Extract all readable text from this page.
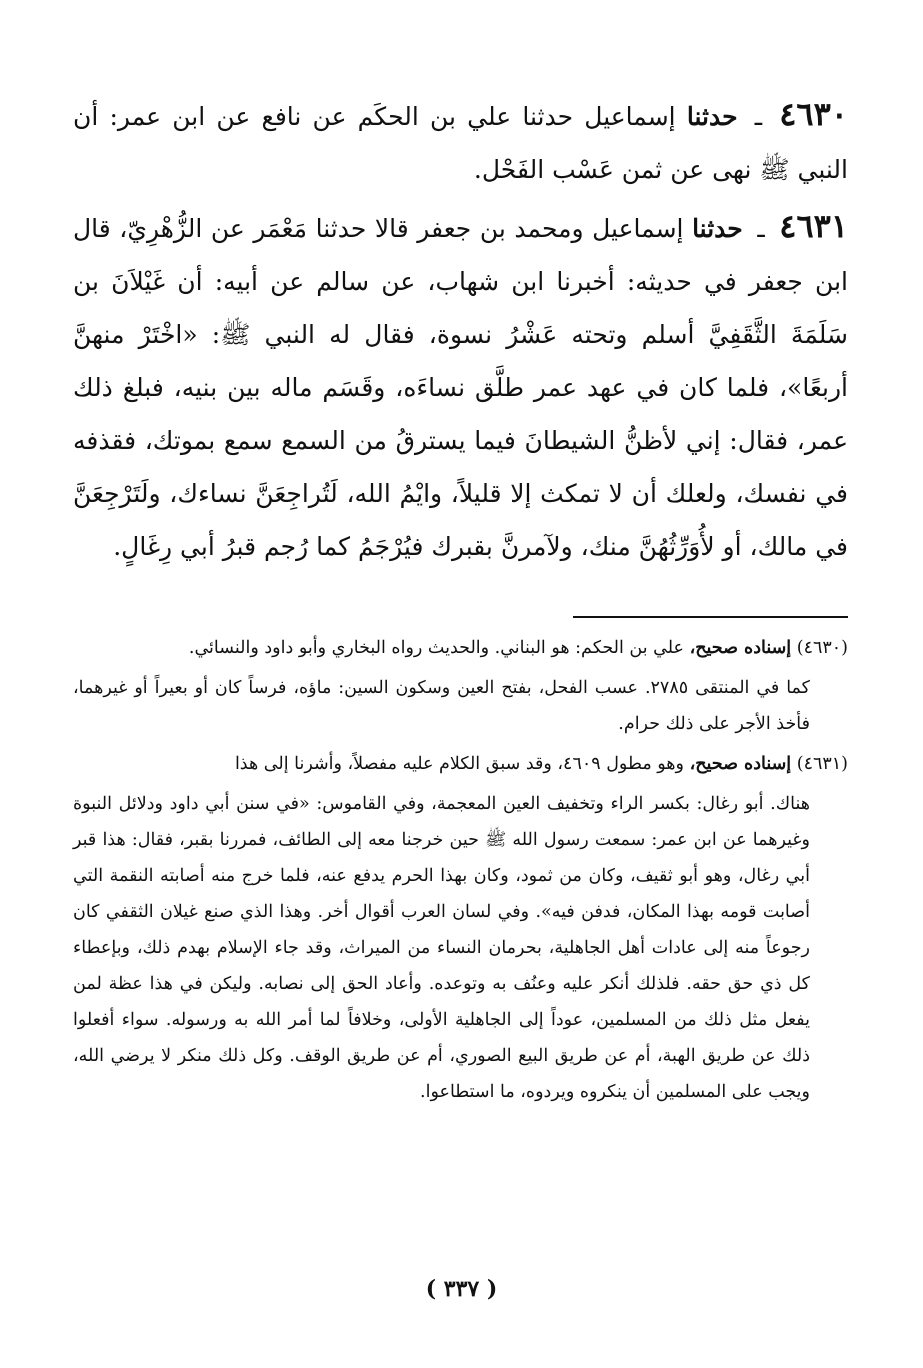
٤٦٣٠ ـ حدثنا إسماعيل حدثنا علي بن الحكَم عن نافع عن ابن عمر: أن النبي ﷺ نهى عن ثمن عَسْب الفَحْل.

٤٦٣١ ـ حدثنا إسماعيل ومحمد بن جعفر قالا حدثنا مَعْمَر عن الزُّهْرِيّ، قال ابن جعفر في حديثه: أخبرنا ابن شهاب، عن سالم عن أبيه: أن غَيْلاَنَ بن سَلَمَةَ الثَّقَفِيَّ أسلم وتحته عَشْرُ نسوة، فقال له النبي ﷺ: «اخْتَرْ منهنَّ أربعًا»، فلما كان في عهد عمر طلَّق نساءَه، وقَسَم ماله بين بنيه، فبلغ ذلك عمر، فقال: إني لأظنُّ الشيطانَ فيما يسترقُ من السمع سمع بموتك، فقذفه في نفسك، ولعلك أن لا تمكث إلا قليلاً، وايْمُ الله، لَتُراجِعَنَّ نساءك، ولَتَرْجِعَنَّ في مالك، أو لأُوَرِّثُهُنَّ منك، ولآمرنَّ بقبرك فيُرْجَمُ كما رُجم قبرُ أبي رِغَالٍ.

(٤٦٣٠) إسناده صحيح، علي بن الحكم: هو البناني. والحديث رواه البخاري وأبو داود والنسائي.

كما في المنتقى ٢٧٨٥. عسب الفحل، بفتح العين وسكون السين: ماؤه، فرساً كان أو بعيراً أو غيرهما، فأخذ الأجر على ذلك حرام.

(٤٦٣١) إسناده صحيح، وهو مطول ٤٦٠٩، وقد سبق الكلام عليه مفصلاً، وأشرنا إلى هذا

هناك. أبو رغال: بكسر الراء وتخفيف العين المعجمة، وفي القاموس: «في سنن أبي داود ودلائل النبوة وغيرهما عن ابن عمر: سمعت رسول الله ﷺ حين خرجنا معه إلى الطائف، فمررنا بقبر، فقال: هذا قبر أبي رغال، وهو أبو ثقيف، وكان من ثمود، وكان بهذا الحرم يدفع عنه، فلما خرج منه أصابته النقمة التي أصابت قومه بهذا المكان، فدفن فيه». وفي لسان العرب أقوال أخر. وهذا الذي صنع غيلان الثقفي كان رجوعاً منه إلى عادات أهل الجاهلية، بحرمان النساء من الميراث، وقد جاء الإسلام بهدم ذلك، وبإعطاء كل ذي حق حقه. فلذلك أنكر عليه وعنُف به وتوعده. وأعاد الحق إلى نصابه. وليكن في هذا عظة لمن يفعل مثل ذلك من المسلمين، عوداً إلى الجاهلية الأولى، وخلافاً لما أمر الله به ورسوله. سواء أفعلوا ذلك عن طريق الهبة، أم عن طريق البيع الصوري، أم عن طريق الوقف. وكل ذلك منكر لا يرضي الله، ويجب على المسلمين أن ينكروه ويردوه، ما استطاعوا.

( ٣٣٧ )
